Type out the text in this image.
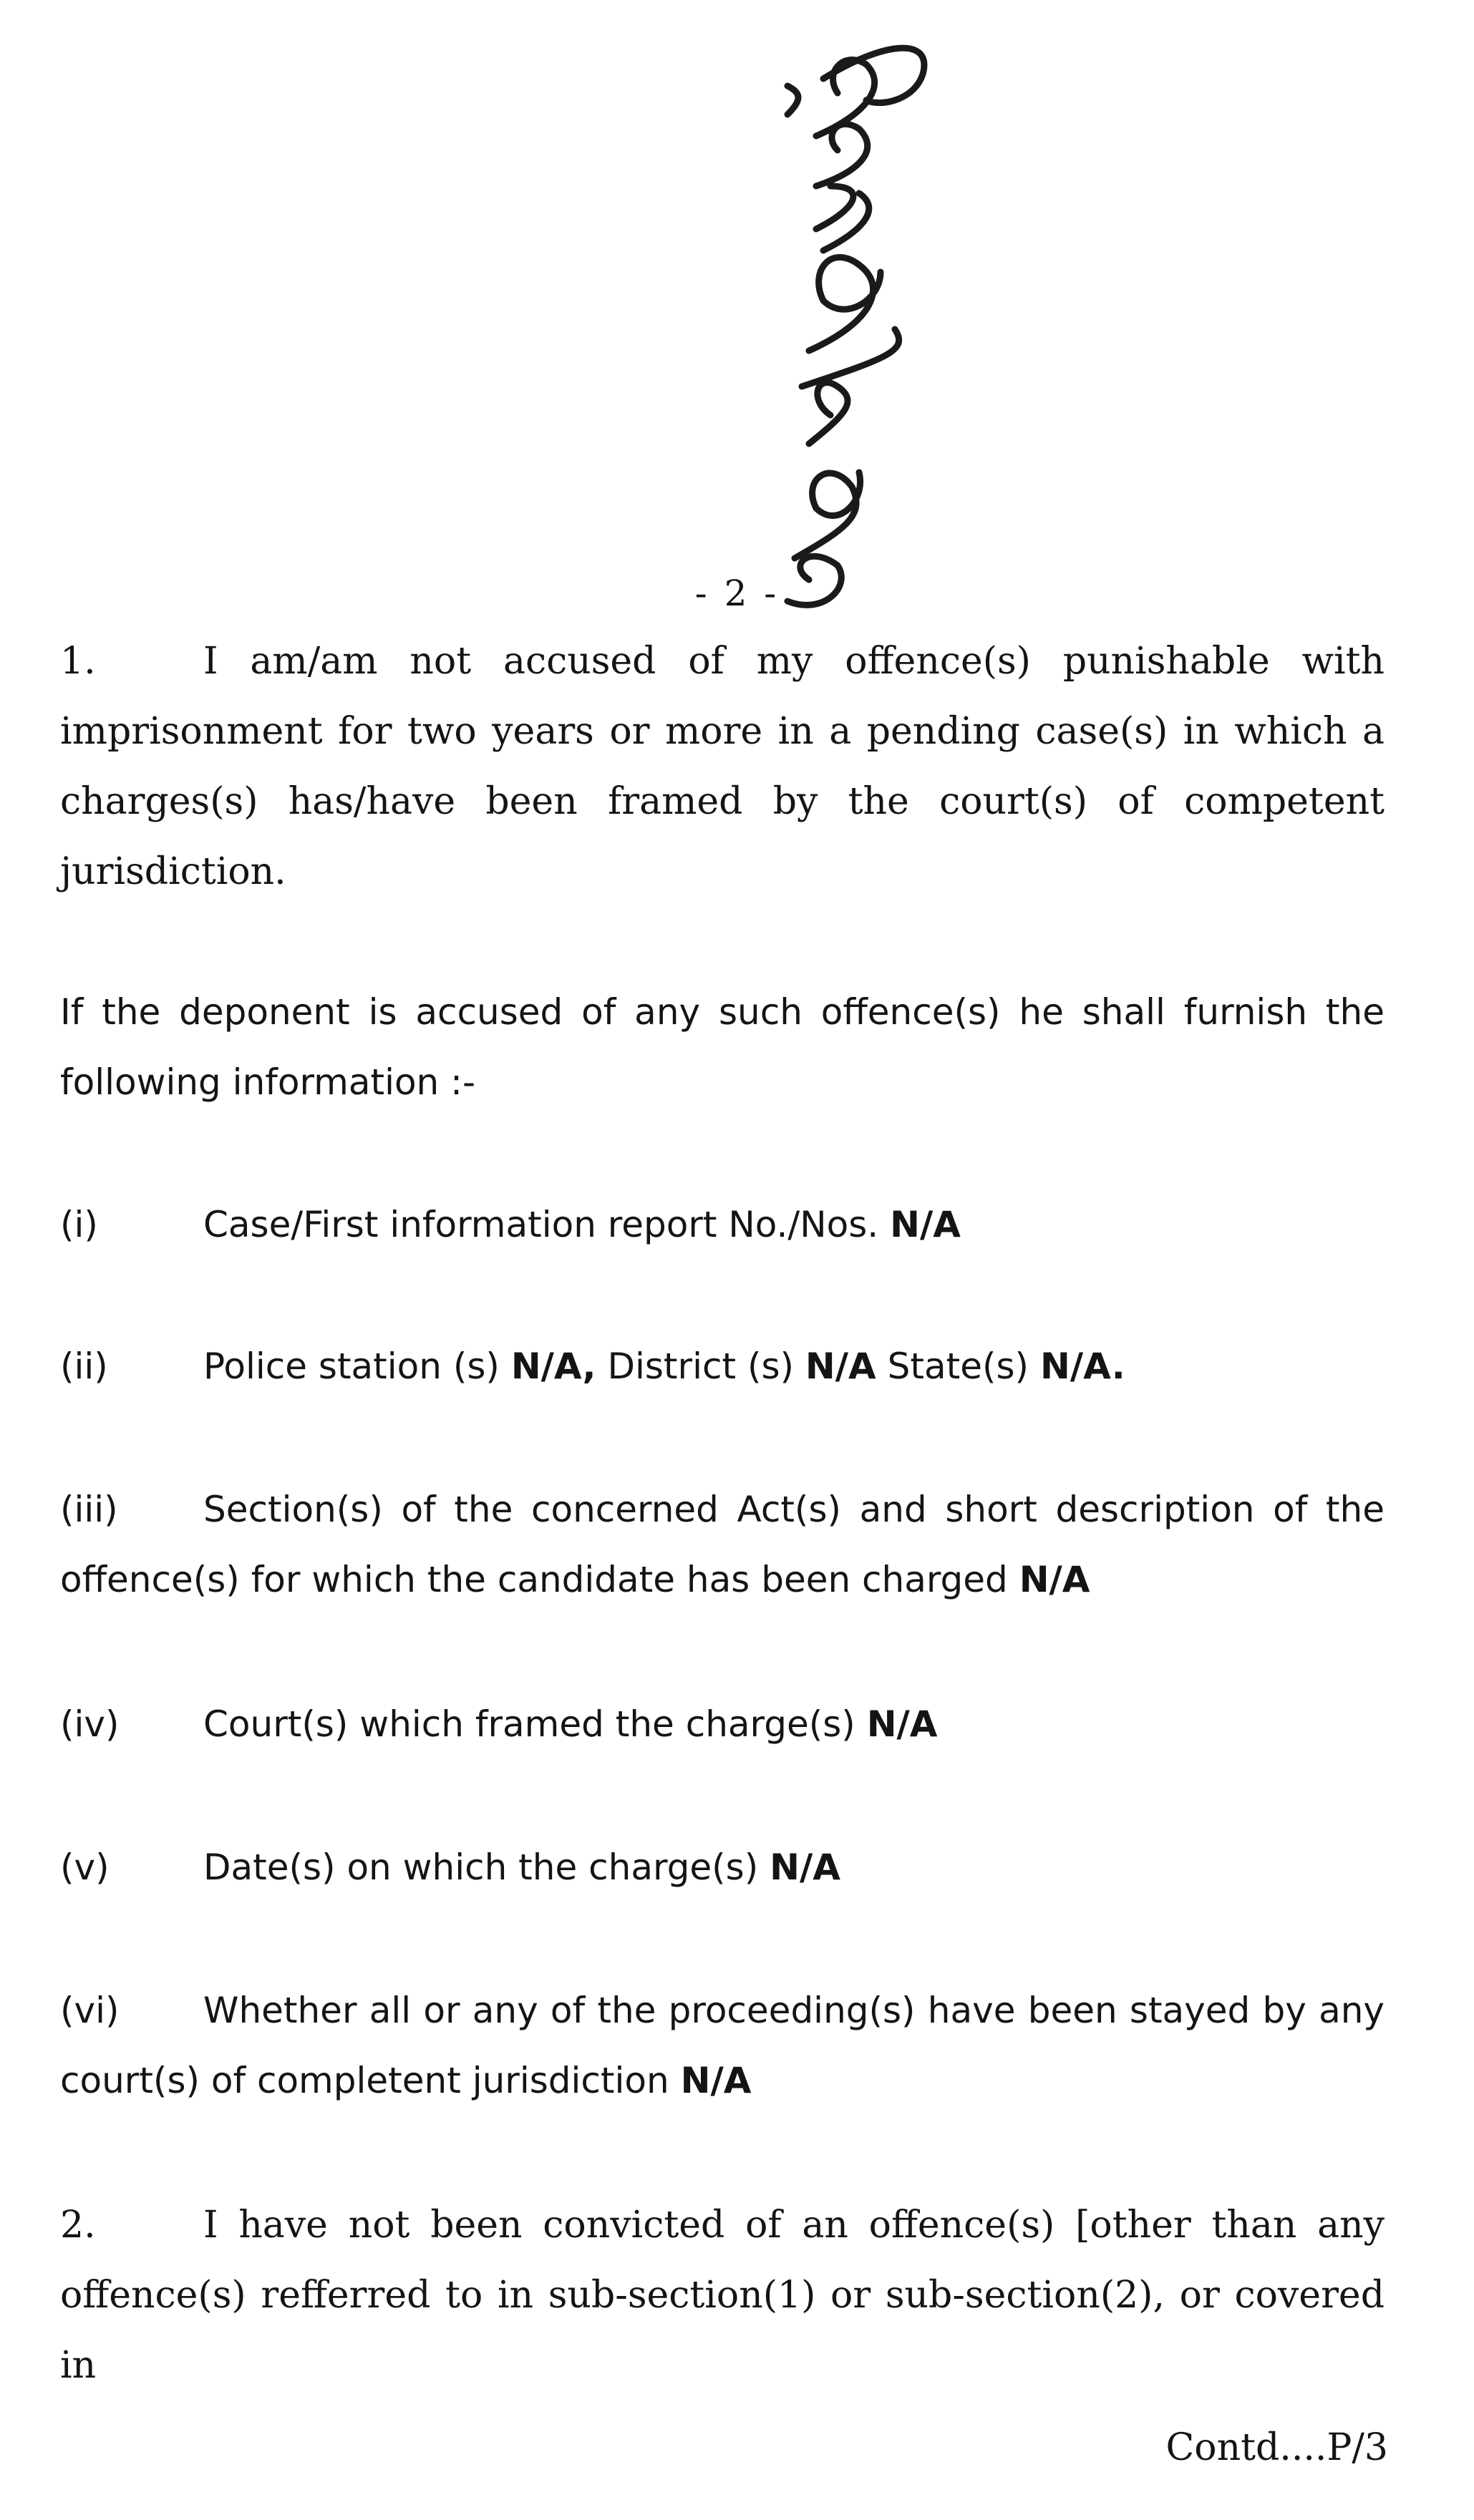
- 2 -
1.	I am/am not accused of my offence(s) punishable with imprisonment for two years or more in a pending case(s) in which a charges(s) has/have been framed by the court(s) of competent jurisdiction.
If the deponent is accused of any such offence(s) he shall furnish the following information :-
(i)	Case/First information report No./Nos. N/A
(ii)	Police station (s) N/A, District (s) N/A State(s) N/A.
(iii) Section(s) of the concerned Act(s) and short description of the offence(s) for which the candidate has been charged N/A
(iv) Court(s) which framed the charge(s) N/A
(v)	Date(s) on which the charge(s) N/A
(vi) Whether all or any of the proceeding(s) have been stayed by any court(s) of completent jurisdiction N/A
2.	I have not been convicted of an offence(s) [other than any offence(s) refferred to in sub-section(1) or sub-section(2), or covered in
Contd....P/3
